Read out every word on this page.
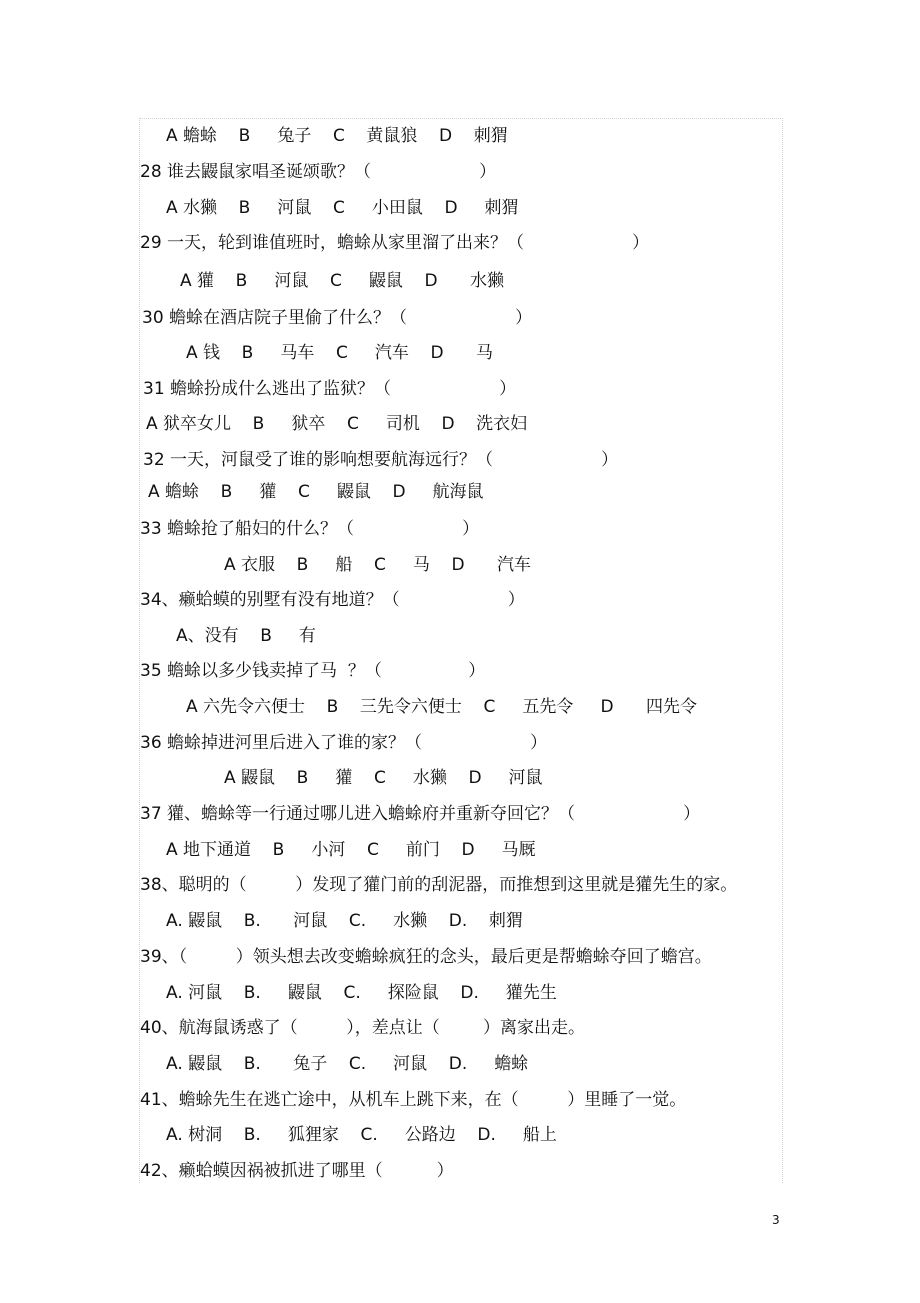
A 蟾蜍    B     兔子    C    黄鼠狼    D    刺猬
28 谁去鼹鼠家唱圣诞颂歌？（                    ）
A 水獭    B     河鼠    C     小田鼠    D     刺猬
29 一天，轮到谁值班时，蟾蜍从家里溜了出来？（                    ）
A 獾    B     河鼠    C     鼹鼠    D      水獭
30 蟾蜍在酒店院子里偷了什么？（                    ）
A 钱    B     马车    C     汽车    D      马
31 蟾蜍扮成什么逃出了监狱？（                    ）
A 狱卒女儿    B     狱卒    C     司机    D    洗衣妇
32 一天，河鼠受了谁的影响想要航海远行？（                    ）
A 蟾蜍    B     獾    C     鼹鼠    D     航海鼠
33 蟾蜍抢了船妇的什么？（                    ）
A 衣服    B     船    C     马    D      汽车
34、癞蛤蟆的别墅有没有地道？（                    ）
A、没有    B     有
35 蟾蜍以多少钱卖掉了马  ？（                ）
A 六先令六便士    B    三先令六便士    C     五先令     D      四先令
36 蟾蜍掉进河里后进入了谁的家？（                    ）
A 鼹鼠    B     獾    C     水獭    D     河鼠
37 獾、蟾蜍等一行通过哪儿进入蟾蜍府并重新夺回它？（                    ）
A 地下通道    B     小河    C     前门    D     马厩
38、聪明的（         ）发现了獾门前的刮泥器，而推想到这里就是獾先生的家。
A. 鼹鼠    B.      河鼠    C.     水獭    D.    刺猬
39、（         ）领头想去改变蟾蜍疯狂的念头，最后更是帮蟾蜍夺回了蟾宫。
A. 河鼠    B.     鼹鼠    C.     探险鼠    D.     獾先生
40、航海鼠诱惑了（         ），差点让（        ）离家出走。
A. 鼹鼠    B.      兔子    C.     河鼠    D.     蟾蜍
41、蟾蜍先生在逃亡途中，从机车上跳下来，在（         ）里睡了一觉。
A. 树洞    B.     狐狸家    C.     公路边    D.     船上
42、癞蛤蟆因祸被抓进了哪里（          ）
3
